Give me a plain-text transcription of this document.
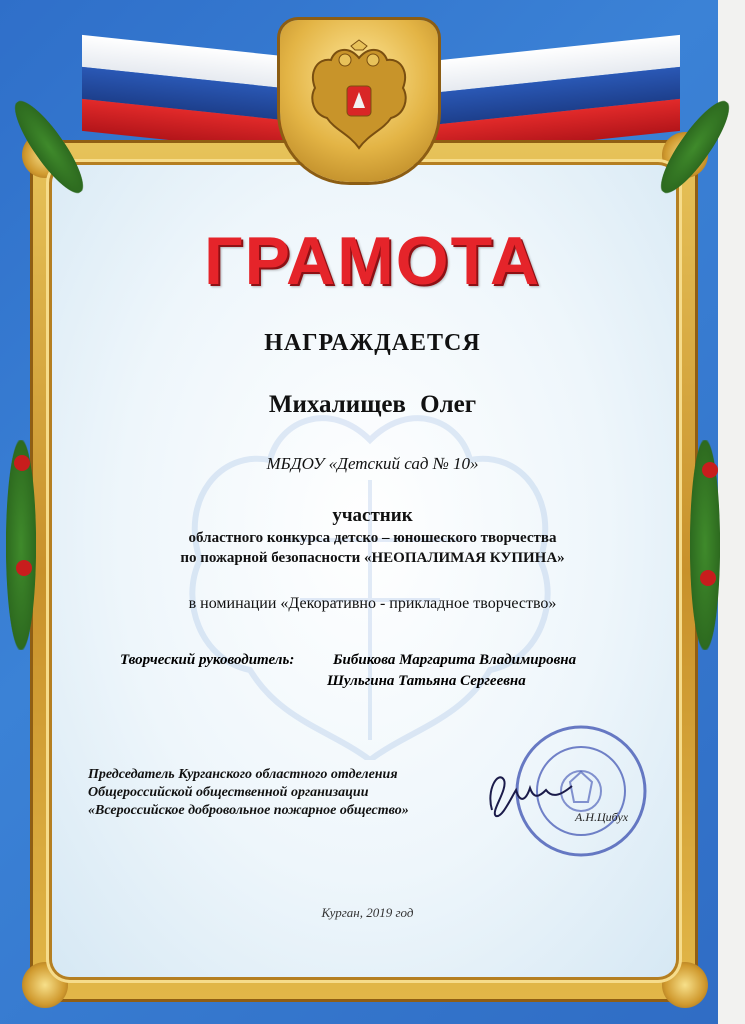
ГРАМОТА
НАГРАЖДАЕТСЯ
Михалищев Олег
МБДОУ «Детский сад № 10»
участник
областного конкурса детско – юношеского творчества
по пожарной безопасности «НЕОПАЛИМАЯ КУПИНА»
в номинации «Декоративно - прикладное творчество»
Творческий руководитель:	Бибикова Маргарита Владимировна
Шульгина Татьяна Сергеевна
Председатель Курганского областного отделения
Общероссийской общественной организации
«Всероссийское добровольное пожарное общество»	А.Н.Цибух
Курган, 2019 год
